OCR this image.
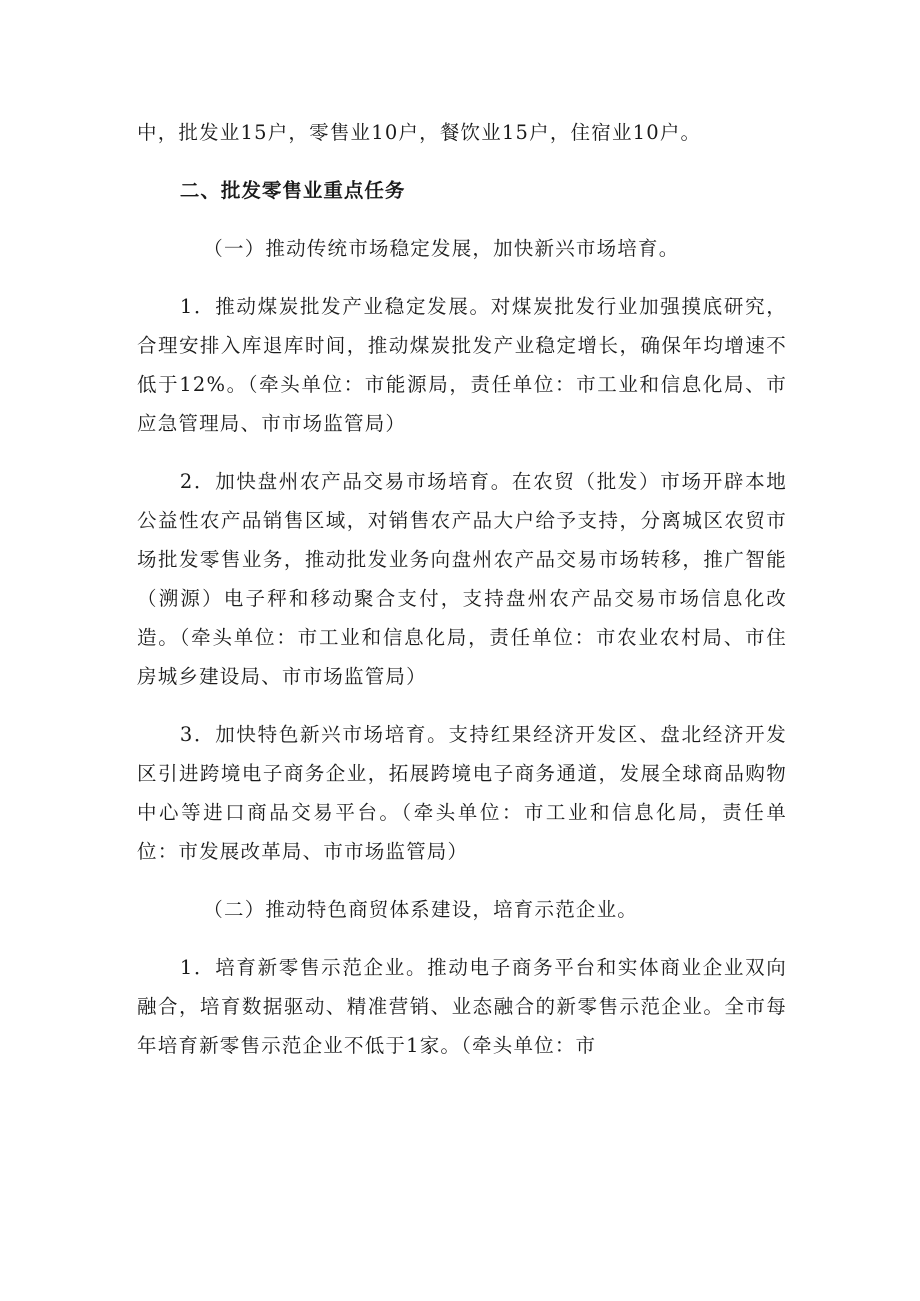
中，批发业15户，零售业10户，餐饮业15户，住宿业10户。

二、批发零售业重点任务

（一）推动传统市场稳定发展，加快新兴市场培育。

1．推动煤炭批发产业稳定发展。对煤炭批发行业加强摸底研究，合理安排入库退库时间，推动煤炭批发产业稳定增长，确保年均增速不低于12%。（牵头单位：市能源局，责任单位：市工业和信息化局、市应急管理局、市市场监管局）

2．加快盘州农产品交易市场培育。在农贸（批发）市场开辟本地公益性农产品销售区域，对销售农产品大户给予支持，分离城区农贸市场批发零售业务，推动批发业务向盘州农产品交易市场转移，推广智能（溯源）电子秤和移动聚合支付，支持盘州农产品交易市场信息化改造。（牵头单位：市工业和信息化局，责任单位：市农业农村局、市住房城乡建设局、市市场监管局）

3．加快特色新兴市场培育。支持红果经济开发区、盘北经济开发区引进跨境电子商务企业，拓展跨境电子商务通道，发展全球商品购物中心等进口商品交易平台。（牵头单位：市工业和信息化局，责任单位：市发展改革局、市市场监管局）

（二）推动特色商贸体系建设，培育示范企业。

1．培育新零售示范企业。推动电子商务平台和实体商业企业双向融合，培育数据驱动、精准营销、业态融合的新零售示范企业。全市每年培育新零售示范企业不低于1家。（牵头单位：市
